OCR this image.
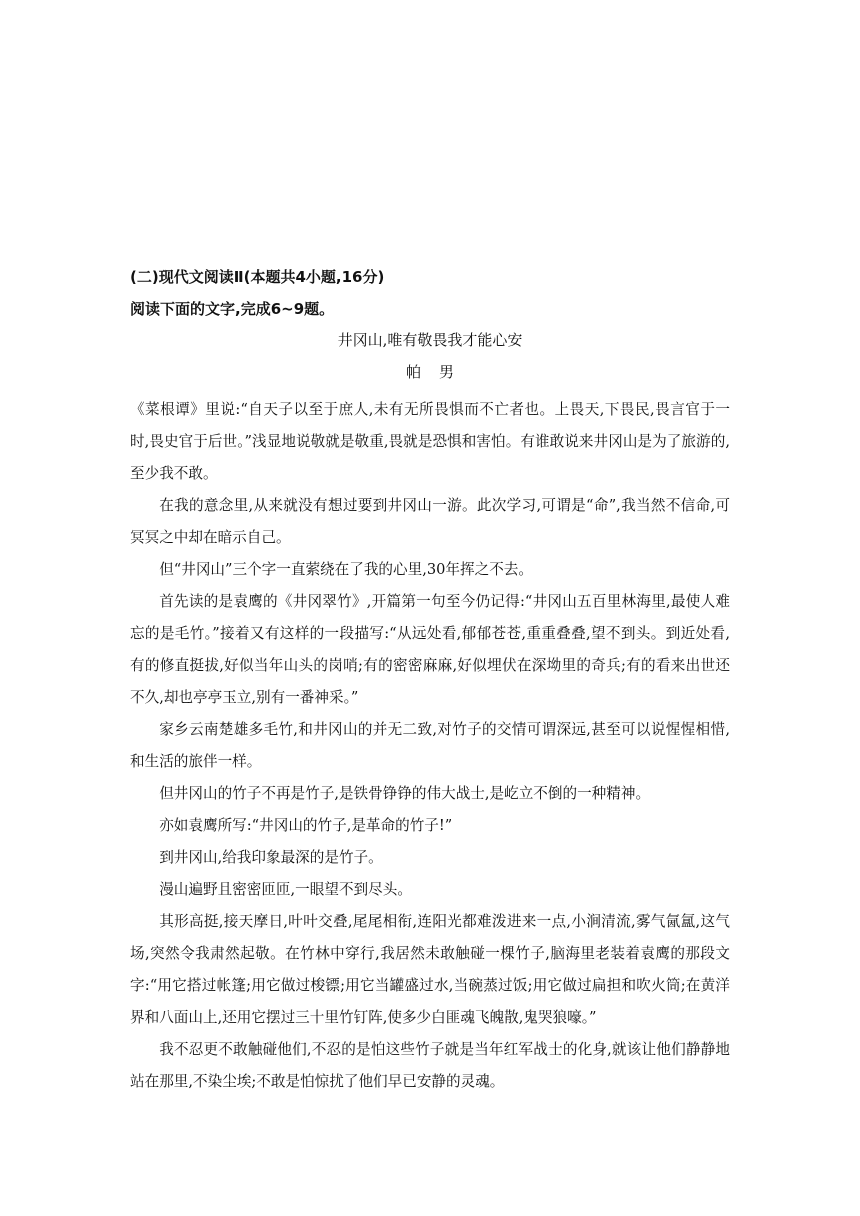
(二)现代文阅读Ⅱ(本题共4小题,16分)
阅读下面的文字,完成6~9题。
井冈山,唯有敬畏我才能心安
帕男

《菜根谭》里说:“自天子以至于庶人,未有无所畏惧而不亡者也。上畏天,下畏民,畏言官于一时,畏史官于后世。”浅显地说敬就是敬重,畏就是恐惧和害怕。有谁敢说来井冈山是为了旅游的,至少我不敢。

在我的意念里,从来就没有想过要到井冈山一游。此次学习,可谓是“命”,我当然不信命,可冥冥之中却在暗示自己。

但“井冈山”三个字一直萦绕在了我的心里,30年挥之不去。

首先读的是袁鹰的《井冈翠竹》,开篇第一句至今仍记得:“井冈山五百里林海里,最使人难忘的是毛竹。”接着又有这样的一段描写:“从远处看,郁郁苍苍,重重叠叠,望不到头。到近处看,有的修直挺拔,好似当年山头的岗哨;有的密密麻麻,好似埋伏在深坳里的奇兵;有的看来出世还不久,却也亭亭玉立,别有一番神采。”

家乡云南楚雄多毛竹,和井冈山的并无二致,对竹子的交情可谓深远,甚至可以说惺惺相惜,和生活的旅伴一样。

但井冈山的竹子不再是竹子,是铁骨铮铮的伟大战士,是屹立不倒的一种精神。

亦如袁鹰所写:“井冈山的竹子,是革命的竹子!”

到井冈山,给我印象最深的是竹子。

漫山遍野且密密匝匝,一眼望不到尽头。

其形高挺,接天摩日,叶叶交叠,尾尾相衔,连阳光都难泼进来一点,小涧清流,雾气氤氲,这气场,突然令我肃然起敬。在竹林中穿行,我居然未敢触碰一棵竹子,脑海里老装着袁鹰的那段文字:“用它搭过帐篷;用它做过梭镖;用它当罐盛过水,当碗蒸过饭;用它做过扁担和吹火筒;在黄洋界和八面山上,还用它摆过三十里竹钉阵,使多少白匪魂飞魄散,鬼哭狼嚎。”

我不忍更不敢触碰他们,不忍的是怕这些竹子就是当年红军战士的化身,就该让他们静静地站在那里,不染尘埃;不敢是怕惊扰了他们早已安静的灵魂。
